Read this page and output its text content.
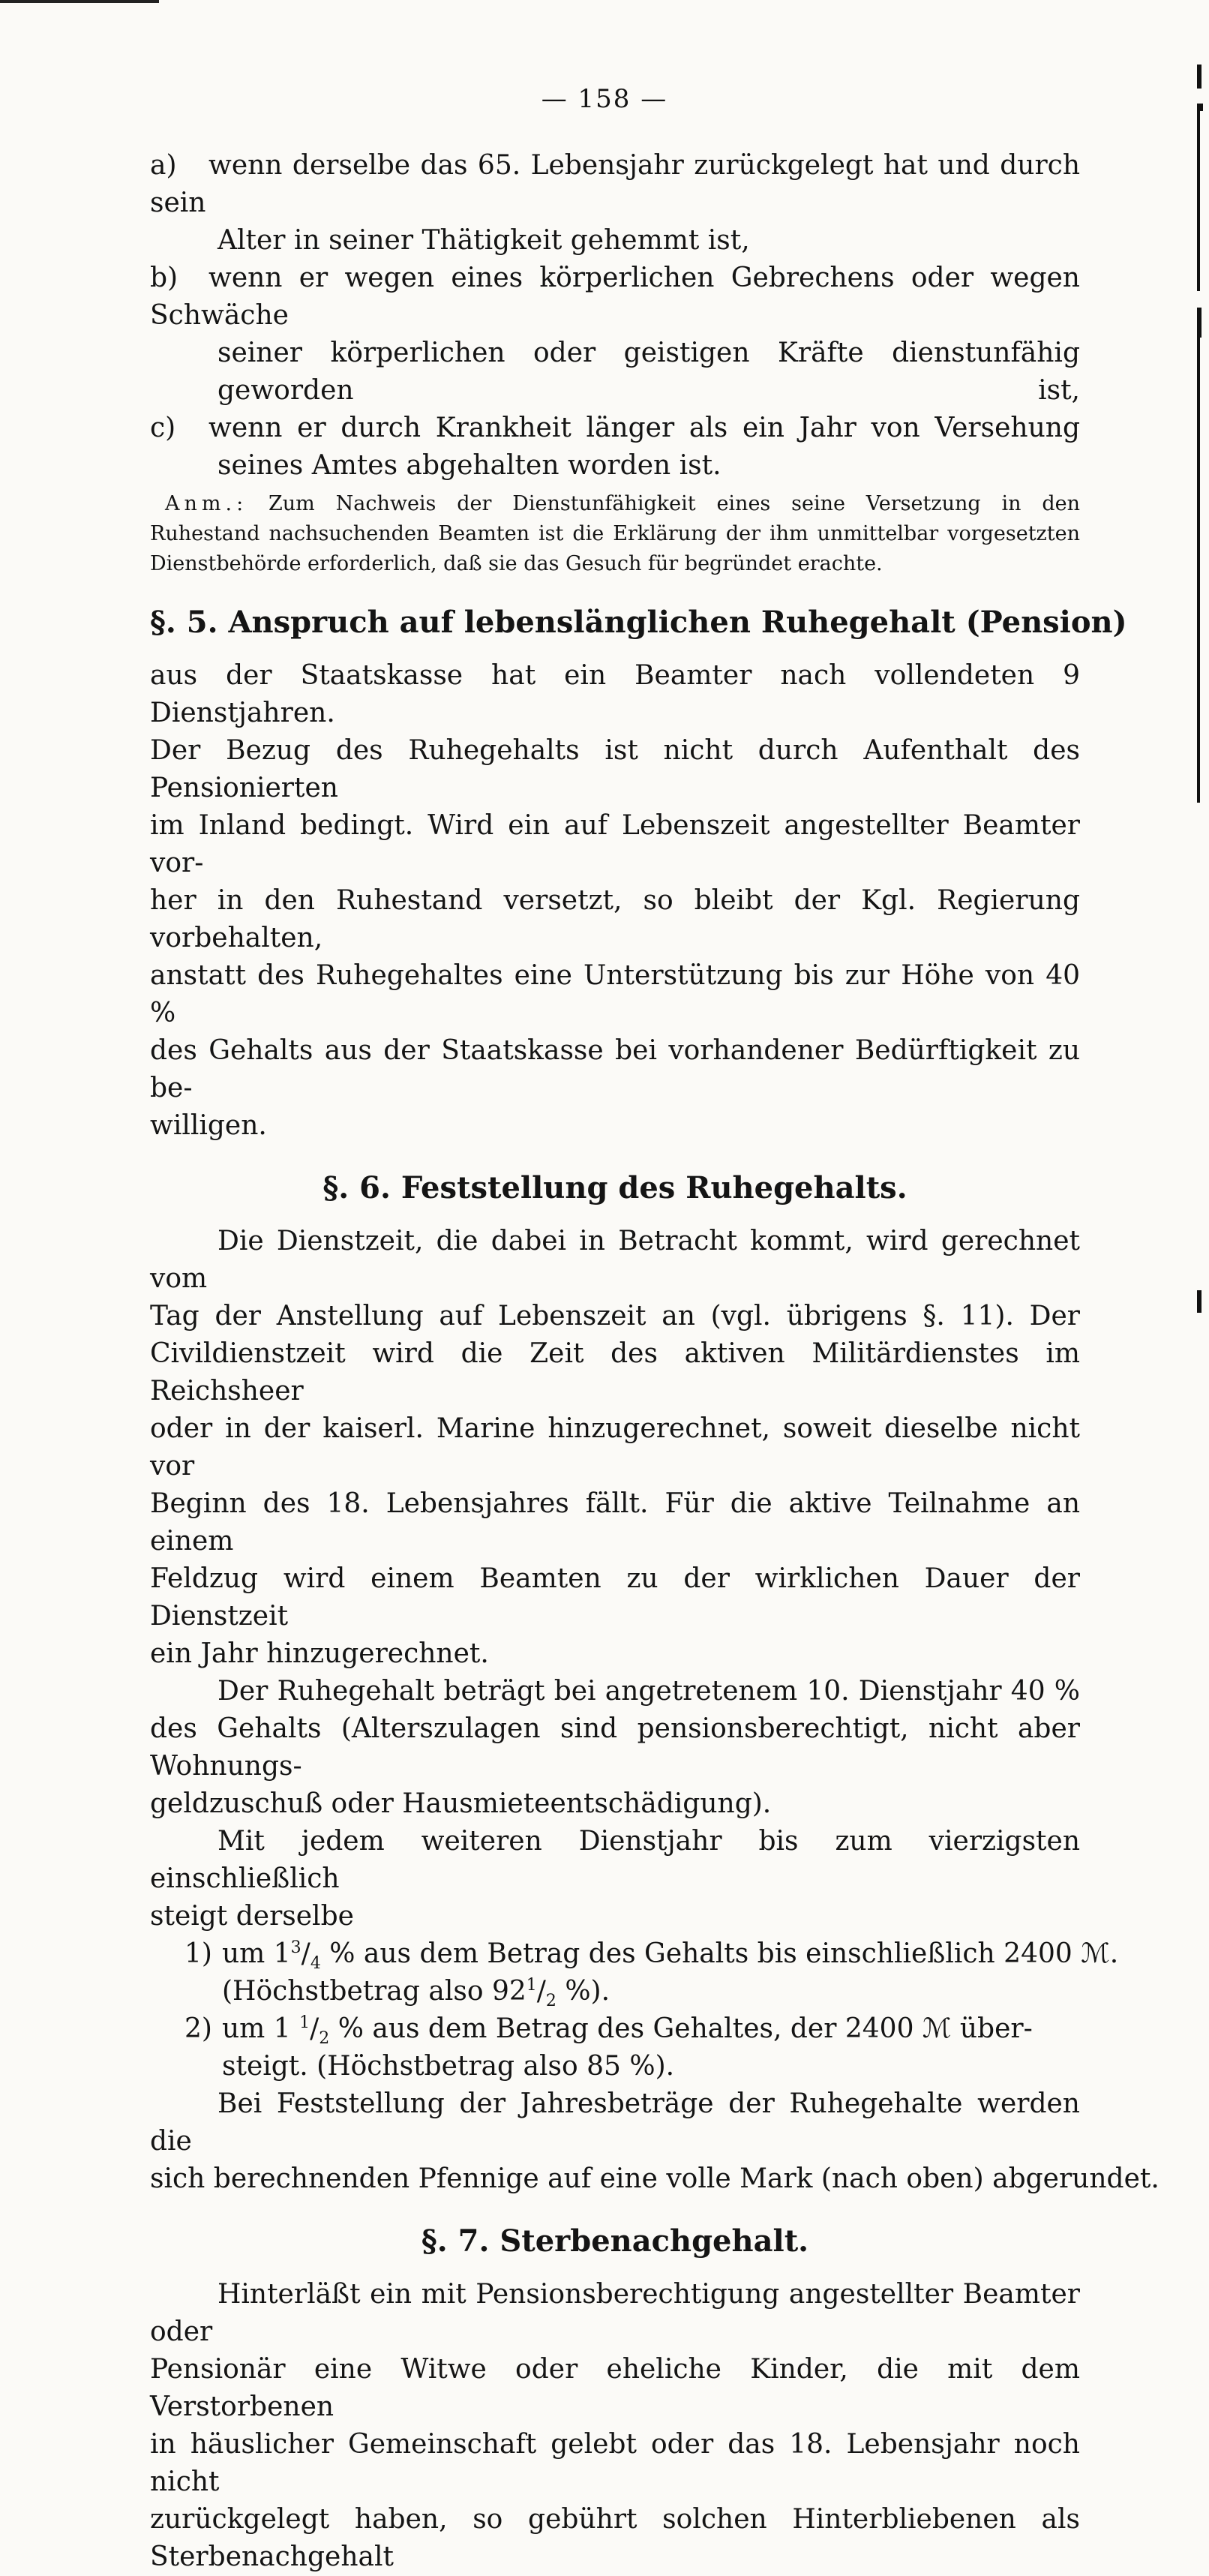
— 158 —
a) wenn derselbe das 65. Lebensjahr zurückgelegt hat und durch sein
Alter in seiner Thätigkeit gehemmt ist,
b) wenn er wegen eines körperlichen Gebrechens oder wegen Schwäche
seiner körperlichen oder geistigen Kräfte dienstunfähig geworden ist,
c) wenn er durch Krankheit länger als ein Jahr von Versehung
seines Amtes abgehalten worden ist.
Anm.: Zum Nachweis der Dienstunfähigkeit eines seine Versetzung in den
Ruhestand nachsuchenden Beamten ist die Erklärung der ihm unmittelbar vorgesetzten
Dienstbehörde erforderlich, daß sie das Gesuch für begründet erachte.
§. 5. Anspruch auf lebenslänglichen Ruhegehalt (Pension)
aus der Staatskasse hat ein Beamter nach vollendeten 9 Dienstjahren.
Der Bezug des Ruhegehalts ist nicht durch Aufenthalt des Pensionierten
im Inland bedingt. Wird ein auf Lebenszeit angestellter Beamter vor-
her in den Ruhestand versetzt, so bleibt der Kgl. Regierung vorbehalten,
anstatt des Ruhegehaltes eine Unterstützung bis zur Höhe von 40 %
des Gehalts aus der Staatskasse bei vorhandener Bedürftigkeit zu be-
willigen.
§. 6. Feststellung des Ruhegehalts.
Die Dienstzeit, die dabei in Betracht kommt, wird gerechnet vom
Tag der Anstellung auf Lebenszeit an (vgl. übrigens §. 11). Der
Civildienstzeit wird die Zeit des aktiven Militärdienstes im Reichsheer
oder in der kaiserl. Marine hinzugerechnet, soweit dieselbe nicht vor
Beginn des 18. Lebensjahres fällt. Für die aktive Teilnahme an einem
Feldzug wird einem Beamten zu der wirklichen Dauer der Dienstzeit
ein Jahr hinzugerechnet.
Der Ruhegehalt beträgt bei angetretenem 10. Dienstjahr 40 %
des Gehalts (Alterszulagen sind pensionsberechtigt, nicht aber Wohnungs-
geldzuschuß oder Hausmieteentschädigung).
Mit jedem weiteren Dienstjahr bis zum vierzigsten einschließlich
steigt derselbe
1) um $1^3/_4$ % aus dem Betrag des Gehalts bis einschließlich 2400 ℳ.
(Höchstbetrag also $92^1/_2$ %).
2) um 1 $^1/_2$ % aus dem Betrag des Gehaltes, der 2400 ℳ über-
steigt. (Höchstbetrag also 85 %).
Bei Feststellung der Jahresbeträge der Ruhegehalte werden die
sich berechnenden Pfennige auf eine volle Mark (nach oben) abgerundet.
§. 7. Sterbenachgehalt.
Hinterläßt ein mit Pensionsberechtigung angestellter Beamter oder
Pensionär eine Witwe oder eheliche Kinder, die mit dem Verstorbenen
in häuslicher Gemeinschaft gelebt oder das 18. Lebensjahr noch nicht
zurückgelegt haben, so gebührt solchen Hinterbliebenen als Sterbenachgehalt
